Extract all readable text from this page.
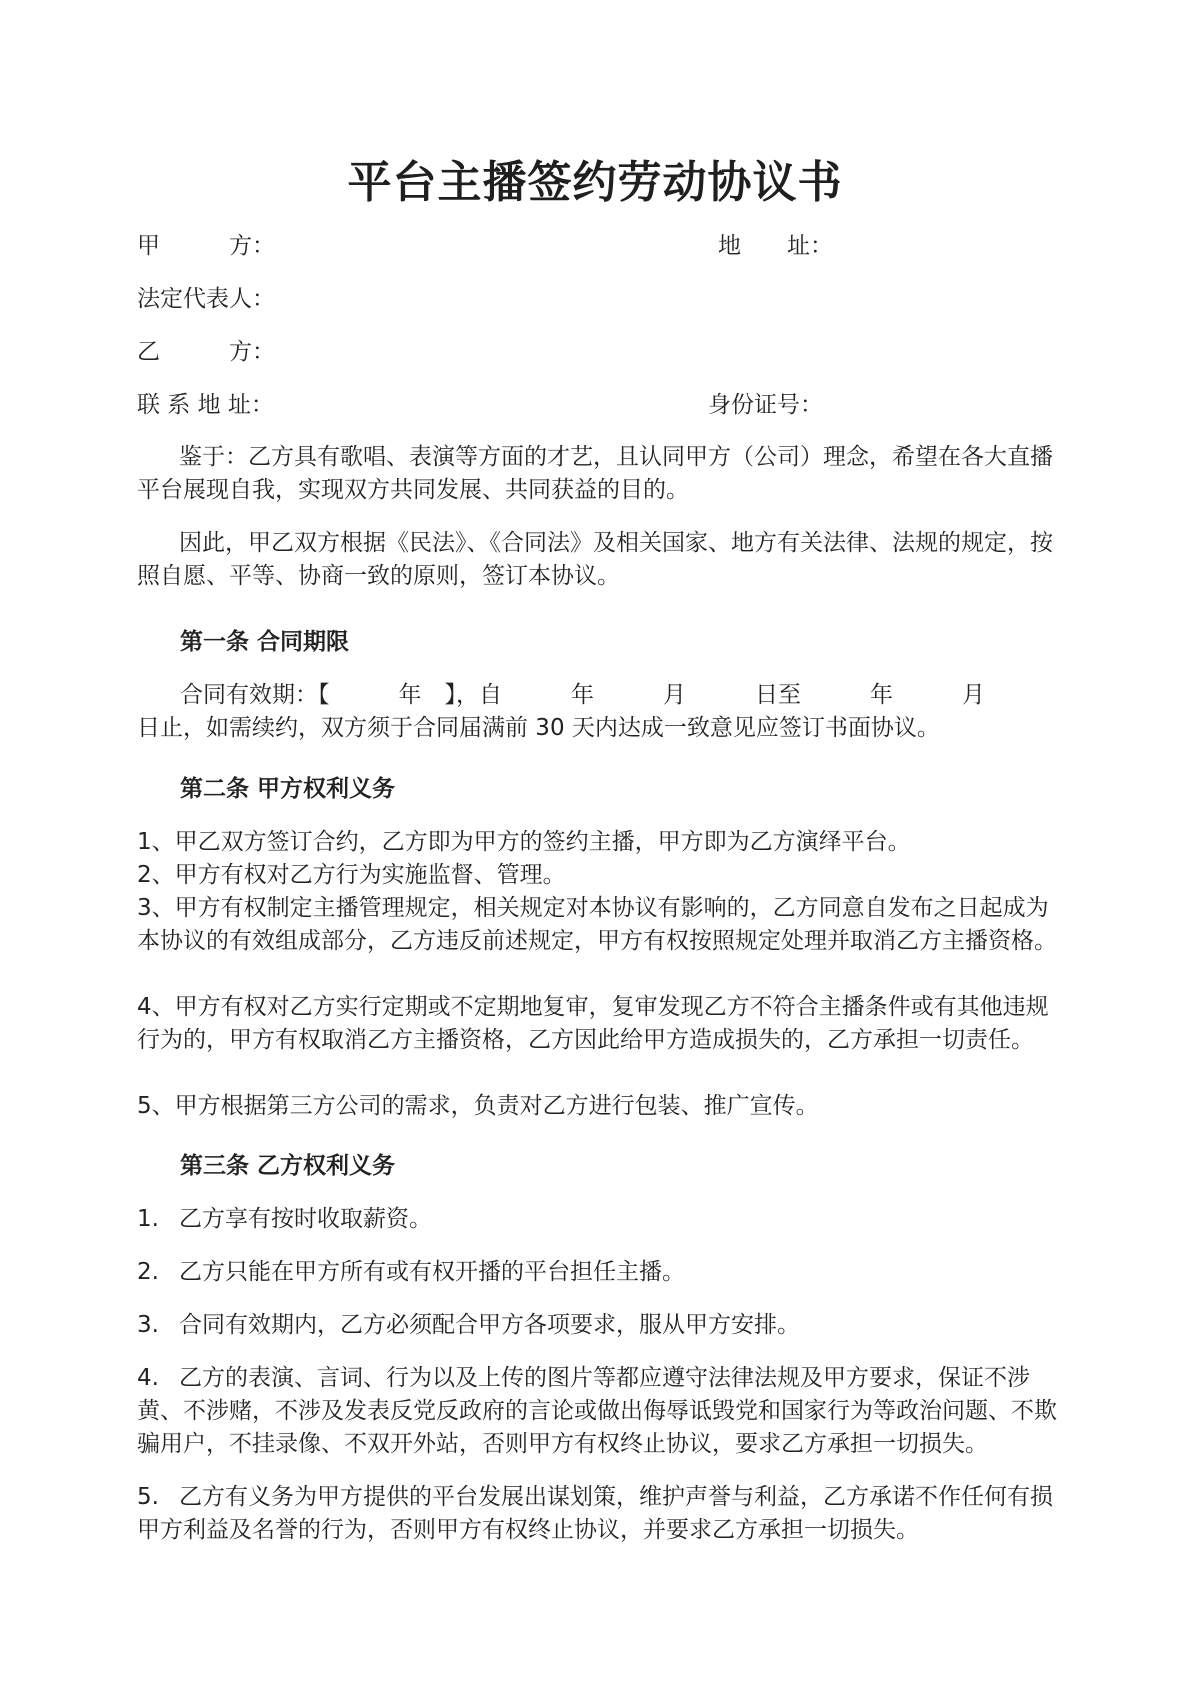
平台主播签约劳动协议书
甲　　　方：	地　　址：
法定代表人：
乙　　　方：
联 系 地 址：	身份证号：
鉴于：乙方具有歌唱、表演等方面的才艺，且认同甲方（公司）理念，希望在各大直播平台展现自我，实现双方共同发展、共同获益的目的。
因此，甲乙双方根据《民法》、《合同法》及相关国家、地方有关法律、法规的规定，按照自愿、平等、协商一致的原则，签订本协议。
第一条 合同期限
合同有效期：【　　　年　】，自　　　年　　　月　　　日至　　　年　　　月
日止，如需续约，双方须于合同届满前 30 天内达成一致意见应签订书面协议。
第二条 甲方权利义务
1、甲乙双方签订合约，乙方即为甲方的签约主播，甲方即为乙方演绎平台。
2、甲方有权对乙方行为实施监督、管理。
3、甲方有权制定主播管理规定，相关规定对本协议有影响的，乙方同意自发布之日起成为本协议的有效组成部分，乙方违反前述规定，甲方有权按照规定处理并取消乙方主播资格。
4、甲方有权对乙方实行定期或不定期地复审，复审发现乙方不符合主播条件或有其他违规行为的，甲方有权取消乙方主播资格，乙方因此给甲方造成损失的，乙方承担一切责任。
5、甲方根据第三方公司的需求，负责对乙方进行包装、推广宣传。
第三条 乙方权利义务
1. 乙方享有按时收取薪资。
2. 乙方只能在甲方所有或有权开播的平台担任主播。
3. 合同有效期内，乙方必须配合甲方各项要求，服从甲方安排。
4. 乙方的表演、言词、行为以及上传的图片等都应遵守法律法规及甲方要求，保证不涉黄、不涉赌，不涉及发表反党反政府的言论或做出侮辱诋毁党和国家行为等政治问题、不欺骗用户，不挂录像、不双开外站，否则甲方有权终止协议，要求乙方承担一切损失。
5. 乙方有义务为甲方提供的平台发展出谋划策，维护声誉与利益，乙方承诺不作任何有损甲方利益及名誉的行为，否则甲方有权终止协议，并要求乙方承担一切损失。
